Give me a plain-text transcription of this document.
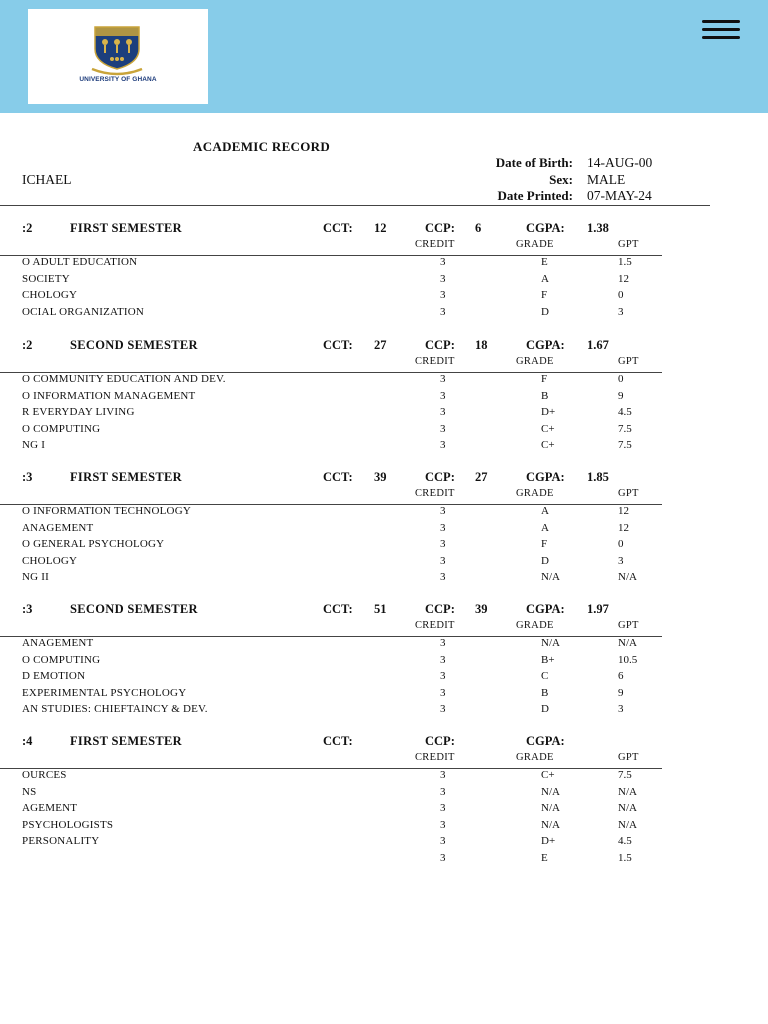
UNIVERSITY OF GHANA
ACADEMIC RECORD
ICHAEL
Date of Birth: 14-AUG-00
Sex: MALE
Date Printed: 07-MAY-24
:2	FIRST SEMESTER	CCT: 12	CCP: 6	CGPA: 1.38
CREDIT	GRADE	GPT
O ADULT EDUCATION	3	E	1.5
SOCIETY	3	A	12
CHOLOGY	3	F	0
OCIAL ORGANIZATION	3	D	3
:2	SECOND SEMESTER	CCT: 27	CCP: 18	CGPA: 1.67
CREDIT	GRADE	GPT
O COMMUNITY EDUCATION AND DEV.	3	F	0
O INFORMATION MANAGEMENT	3	B	9
R EVERYDAY LIVING	3	D+	4.5
O COMPUTING	3	C+	7.5
NG I	3	C+	7.5
:3	FIRST SEMESTER	CCT: 39	CCP: 27	CGPA: 1.85
CREDIT	GRADE	GPT
O INFORMATION TECHNOLOGY	3	A	12
ANAGEMENT	3	A	12
O GENERAL PSYCHOLOGY	3	F	0
CHOLOGY	3	D	3
NG II	3	N/A	N/A
:3	SECOND SEMESTER	CCT: 51	CCP: 39	CGPA: 1.97
CREDIT	GRADE	GPT
ANAGEMENT	3	N/A	N/A
O COMPUTING	3	B+	10.5
D EMOTION	3	C	6
EXPERIMENTAL PSYCHOLOGY	3	B	9
AN STUDIES: CHIEFTAINCY & DEV.	3	D	3
:4	FIRST SEMESTER	CCT:	CCP:	CGPA:
CREDIT	GRADE	GPT
OURCES	3	C+	7.5
NS	3	N/A	N/A
AGEMENT	3	N/A	N/A
PSYCHOLOGISTS	3	N/A	N/A
PERSONALITY	3	D+	4.5
3	E	1.5
